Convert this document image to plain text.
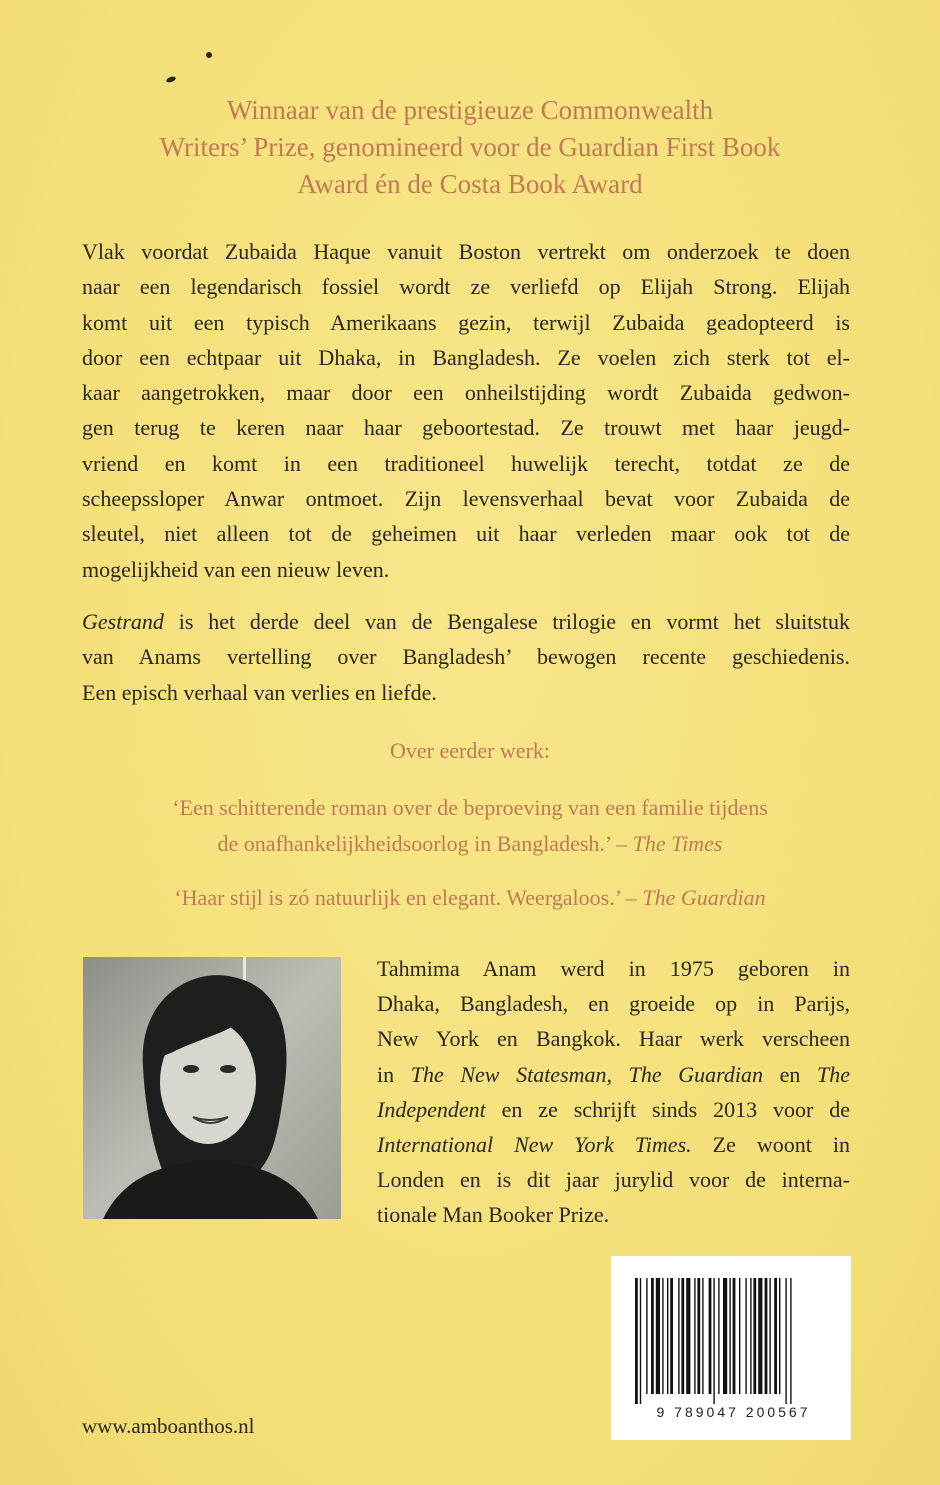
Winnaar van de prestigieuze Commonwealth
Writers’ Prize, genomineerd voor de Guardian First Book
Award én de Costa Book Award
Vlak voordat Zubaida Haque vanuit Boston vertrekt om onderzoek te doen
naar een legendarisch fossiel wordt ze verliefd op Elijah Strong. Elijah
komt uit een typisch Amerikaans gezin, terwijl Zubaida geadopteerd is
door een echtpaar uit Dhaka, in Bangladesh. Ze voelen zich sterk tot el-
kaar aangetrokken, maar door een onheilstijding wordt Zubaida gedwon-
gen terug te keren naar haar geboortestad. Ze trouwt met haar jeugd-
vriend en komt in een traditioneel huwelijk terecht, totdat ze de
scheepssloper Anwar ontmoet. Zijn levensverhaal bevat voor Zubaida de
sleutel, niet alleen tot de geheimen uit haar verleden maar ook tot de
mogelijkheid van een nieuw leven.
Gestrand is het derde deel van de Bengalese trilogie en vormt het sluitstuk
van Anams vertelling over Bangladesh’ bewogen recente geschiedenis.
Een episch verhaal van verlies en liefde.
Over eerder werk:
‘Een schitterende roman over de beproeving van een familie tijdens
de onafhankelijkheidsoorlog in Bangladesh.’ – The Times
‘Haar stijl is zó natuurlijk en elegant. Weergaloos.’ – The Guardian
Tahmima Anam werd in 1975 geboren in
Dhaka, Bangladesh, en groeide op in Parijs,
New York en Bangkok. Haar werk verscheen
in The New Statesman, The Guardian en The
Independent en ze schrijft sinds 2013 voor de
International New York Times. Ze woont in
Londen en is dit jaar jurylid voor de interna-
tionale Man Booker Prize.
9 789047 200567
www.amboanthos.nl
